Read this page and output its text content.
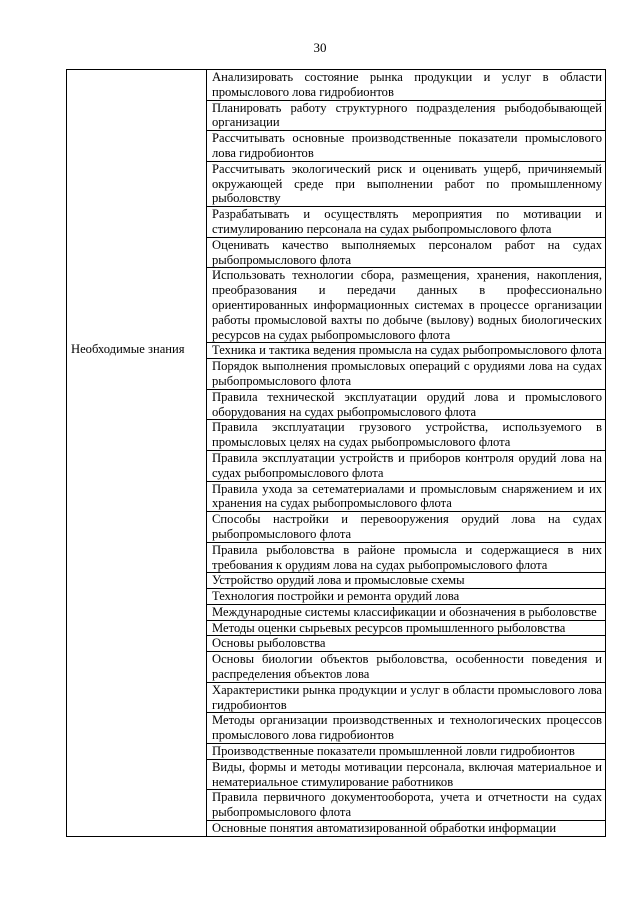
30
Необходимые знания
	Анализировать состояние рынка продукции и услуг в области промыслового лова гидробионтов
Планировать работу структурного подразделения рыбодобывающей организации
Рассчитывать основные производственные показатели промыслового лова гидробионтов
Рассчитывать экологический риск и оценивать ущерб, причиняемый окружающей среде при выполнении работ по промышленному рыболовству
Разрабатывать и осуществлять мероприятия по мотивации и стимулированию персонала на судах рыбопромыслового флота
Оценивать качество выполняемых персоналом работ на судах рыбопромыслового флота
Использовать технологии сбора, размещения, хранения, накопления, преобразования и передачи данных в профессионально ориентированных информационных системах в процессе организации работы промысловой вахты по добыче (вылову) водных биологических ресурсов на судах рыбопромыслового флота
Техника и тактика ведения промысла на судах рыбопромыслового флота
Порядок выполнения промысловых операций с орудиями лова на судах рыбопромыслового флота
Правила технической эксплуатации орудий лова и промыслового оборудования на судах рыбопромыслового флота
Правила эксплуатации грузового устройства, используемого в промысловых целях на судах рыбопромыслового флота
Правила эксплуатации устройств и приборов контроля орудий лова на судах рыбопромыслового флота
Правила ухода за сетематериалами и промысловым снаряжением и их хранения на судах рыбопромыслового флота
Способы настройки и перевооружения орудий лова на судах рыбопромыслового флота
Правила рыболовства в районе промысла и содержащиеся в них требования к орудиям лова на судах рыбопромыслового флота
Устройство орудий лова и промысловые схемы
Технология постройки и ремонта орудий лова
Международные системы классификации и обозначения в рыболовстве
Методы оценки сырьевых ресурсов промышленного рыболовства
Основы рыболовства
Основы биологии объектов рыболовства, особенности поведения и распределения объектов лова
Характеристики рынка продукции и услуг в области промыслового лова гидробионтов
Методы организации производственных и технологических процессов промыслового лова гидробионтов
Производственные показатели промышленной ловли гидробионтов
Виды, формы и методы мотивации персонала, включая материальное и нематериальное стимулирование работников
Правила первичного документооборота, учета и отчетности на судах рыбопромыслового флота
Основные понятия автоматизированной обработки информации
